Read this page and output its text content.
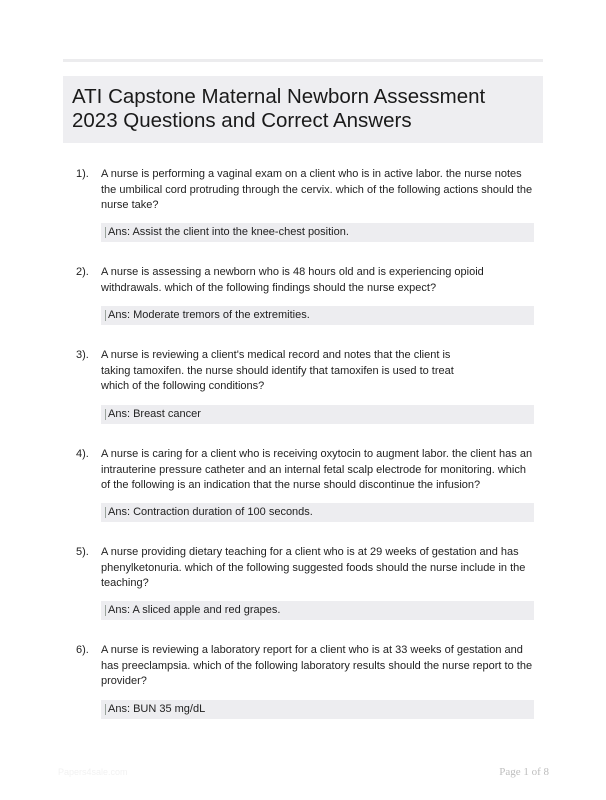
ATI Capstone Maternal Newborn Assessment
2023 Questions and Correct Answers
1). A nurse is performing a vaginal exam on a client who is in active labor. the nurse notes the umbilical cord protruding through the cervix. which of the following actions should the nurse take?
Ans: Assist the client into the knee-chest position.
2). A nurse is assessing a newborn who is 48 hours old and is experiencing opioid withdrawals. which of the following findings should the nurse expect?
Ans: Moderate tremors of the extremities.
3). A nurse is reviewing a client's medical record and notes that the client is taking tamoxifen. the nurse should identify that tamoxifen is used to treat which of the following conditions?
Ans: Breast cancer
4). A nurse is caring for a client who is receiving oxytocin to augment labor. the client has an intrauterine pressure catheter and an internal fetal scalp electrode for monitoring. which of the following is an indication that the nurse should discontinue the infusion?
Ans: Contraction duration of 100 seconds.
5). A nurse providing dietary teaching for a client who is at 29 weeks of gestation and has phenylketonuria. which of the following suggested foods should the nurse include in the teaching?
Ans: A sliced apple and red grapes.
6). A nurse is reviewing a laboratory report for a client who is at 33 weeks of gestation and has preeclampsia. which of the following laboratory results should the nurse report to the provider?
Ans: BUN 35 mg/dL
Papers4sale.com	Page 1 of 8
